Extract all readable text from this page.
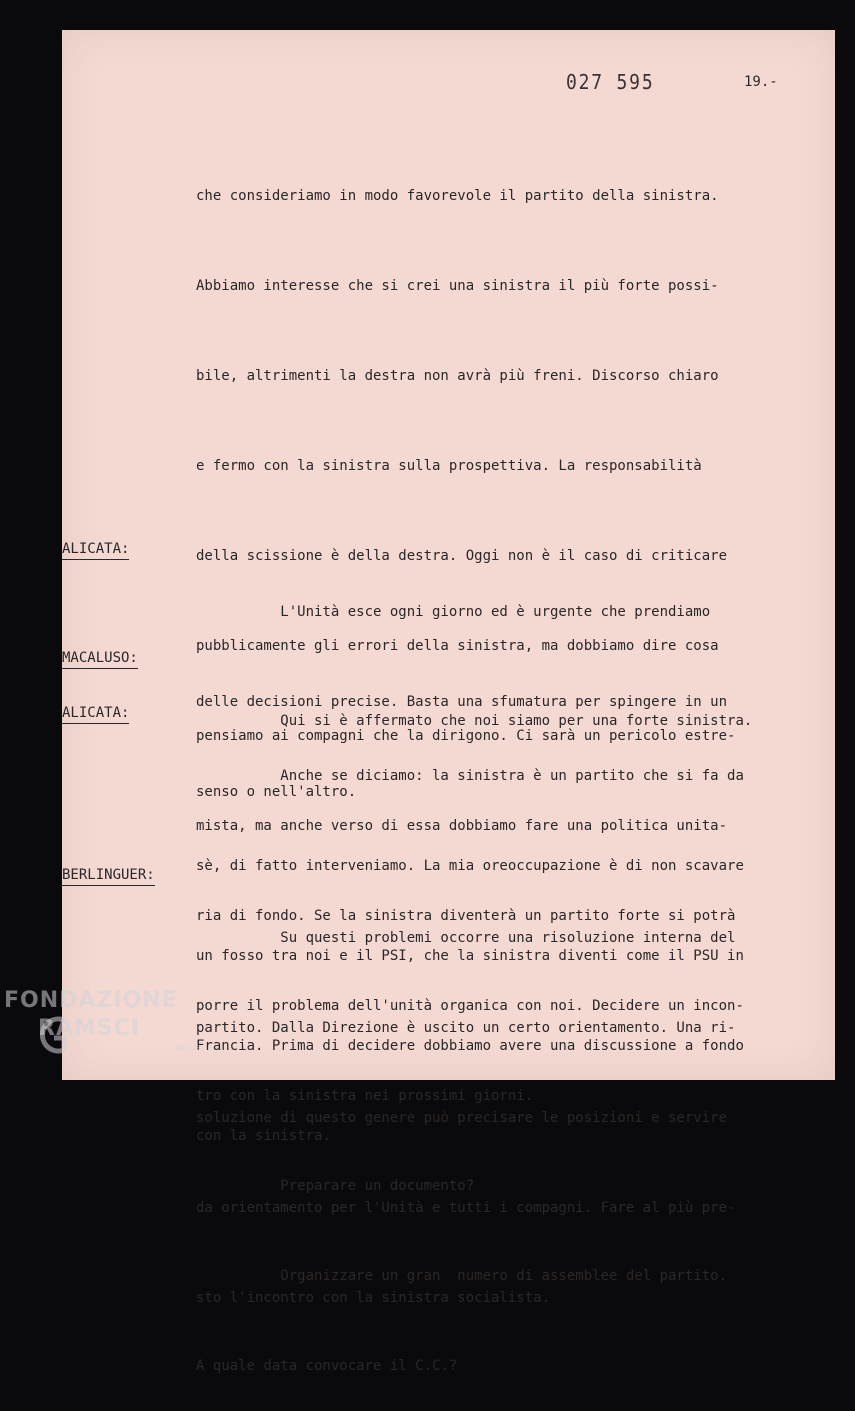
027 595	19.-

che consideriamo in modo favorevole il partito della sinistra.

Abbiamo interesse che si crei una sinistra il più forte possi-

bile, altrimenti la destra non avrà più freni. Discorso chiaro

e fermo con la sinistra sulla prospettiva. La responsabilità

della scissione è della destra. Oggi non è il caso di criticare

pubblicamente gli errori della sinistra, ma dobbiamo dire cosa

pensiamo ai compagni che la dirigono. Ci sarà un pericolo estre-

mista, ma anche verso di essa dobbiamo fare una politica unita-

ria di fondo. Se la sinistra diventerà un partito forte si potrà

porre il problema dell'unità organica con noi. Decidere un incon-

tro con la sinistra nei prossimi giorni.

Preparare un documento?

Organizzare un gran  numero di assemblee del partito.

A quale data convocare il C.C.?

ALICATA:

L'Unità esce ogni giorno ed è urgente che prendiamo

delle decisioni precise. Basta una sfumatura per spingere in un

senso o nell'altro.

MACALUSO:

Qui si è affermato che noi siamo per una forte sinistra.

ALICATA:

Anche se diciamo: la sinistra è un partito che si fa da

sè, di fatto interveniamo. La mia oreoccupazione è di non scavare

un fosso tra noi e il PSI, che la sinistra diventi come il PSU in

Francia. Prima di decidere dobbiamo avere una discussione a fondo

con la sinistra.

BERLINGUER:

Su questi problemi occorre una risoluzione interna del

partito. Dalla Direzione è uscito un certo orientamento. Una ri-

soluzione di questo genere può precisare le posizioni e servire

da orientamento per l'Unità e tutti i compagni. Fare al più pre-

sto l'incontro con la sinistra socialista.

FONDAZIONE
RAMSCI
onlus
